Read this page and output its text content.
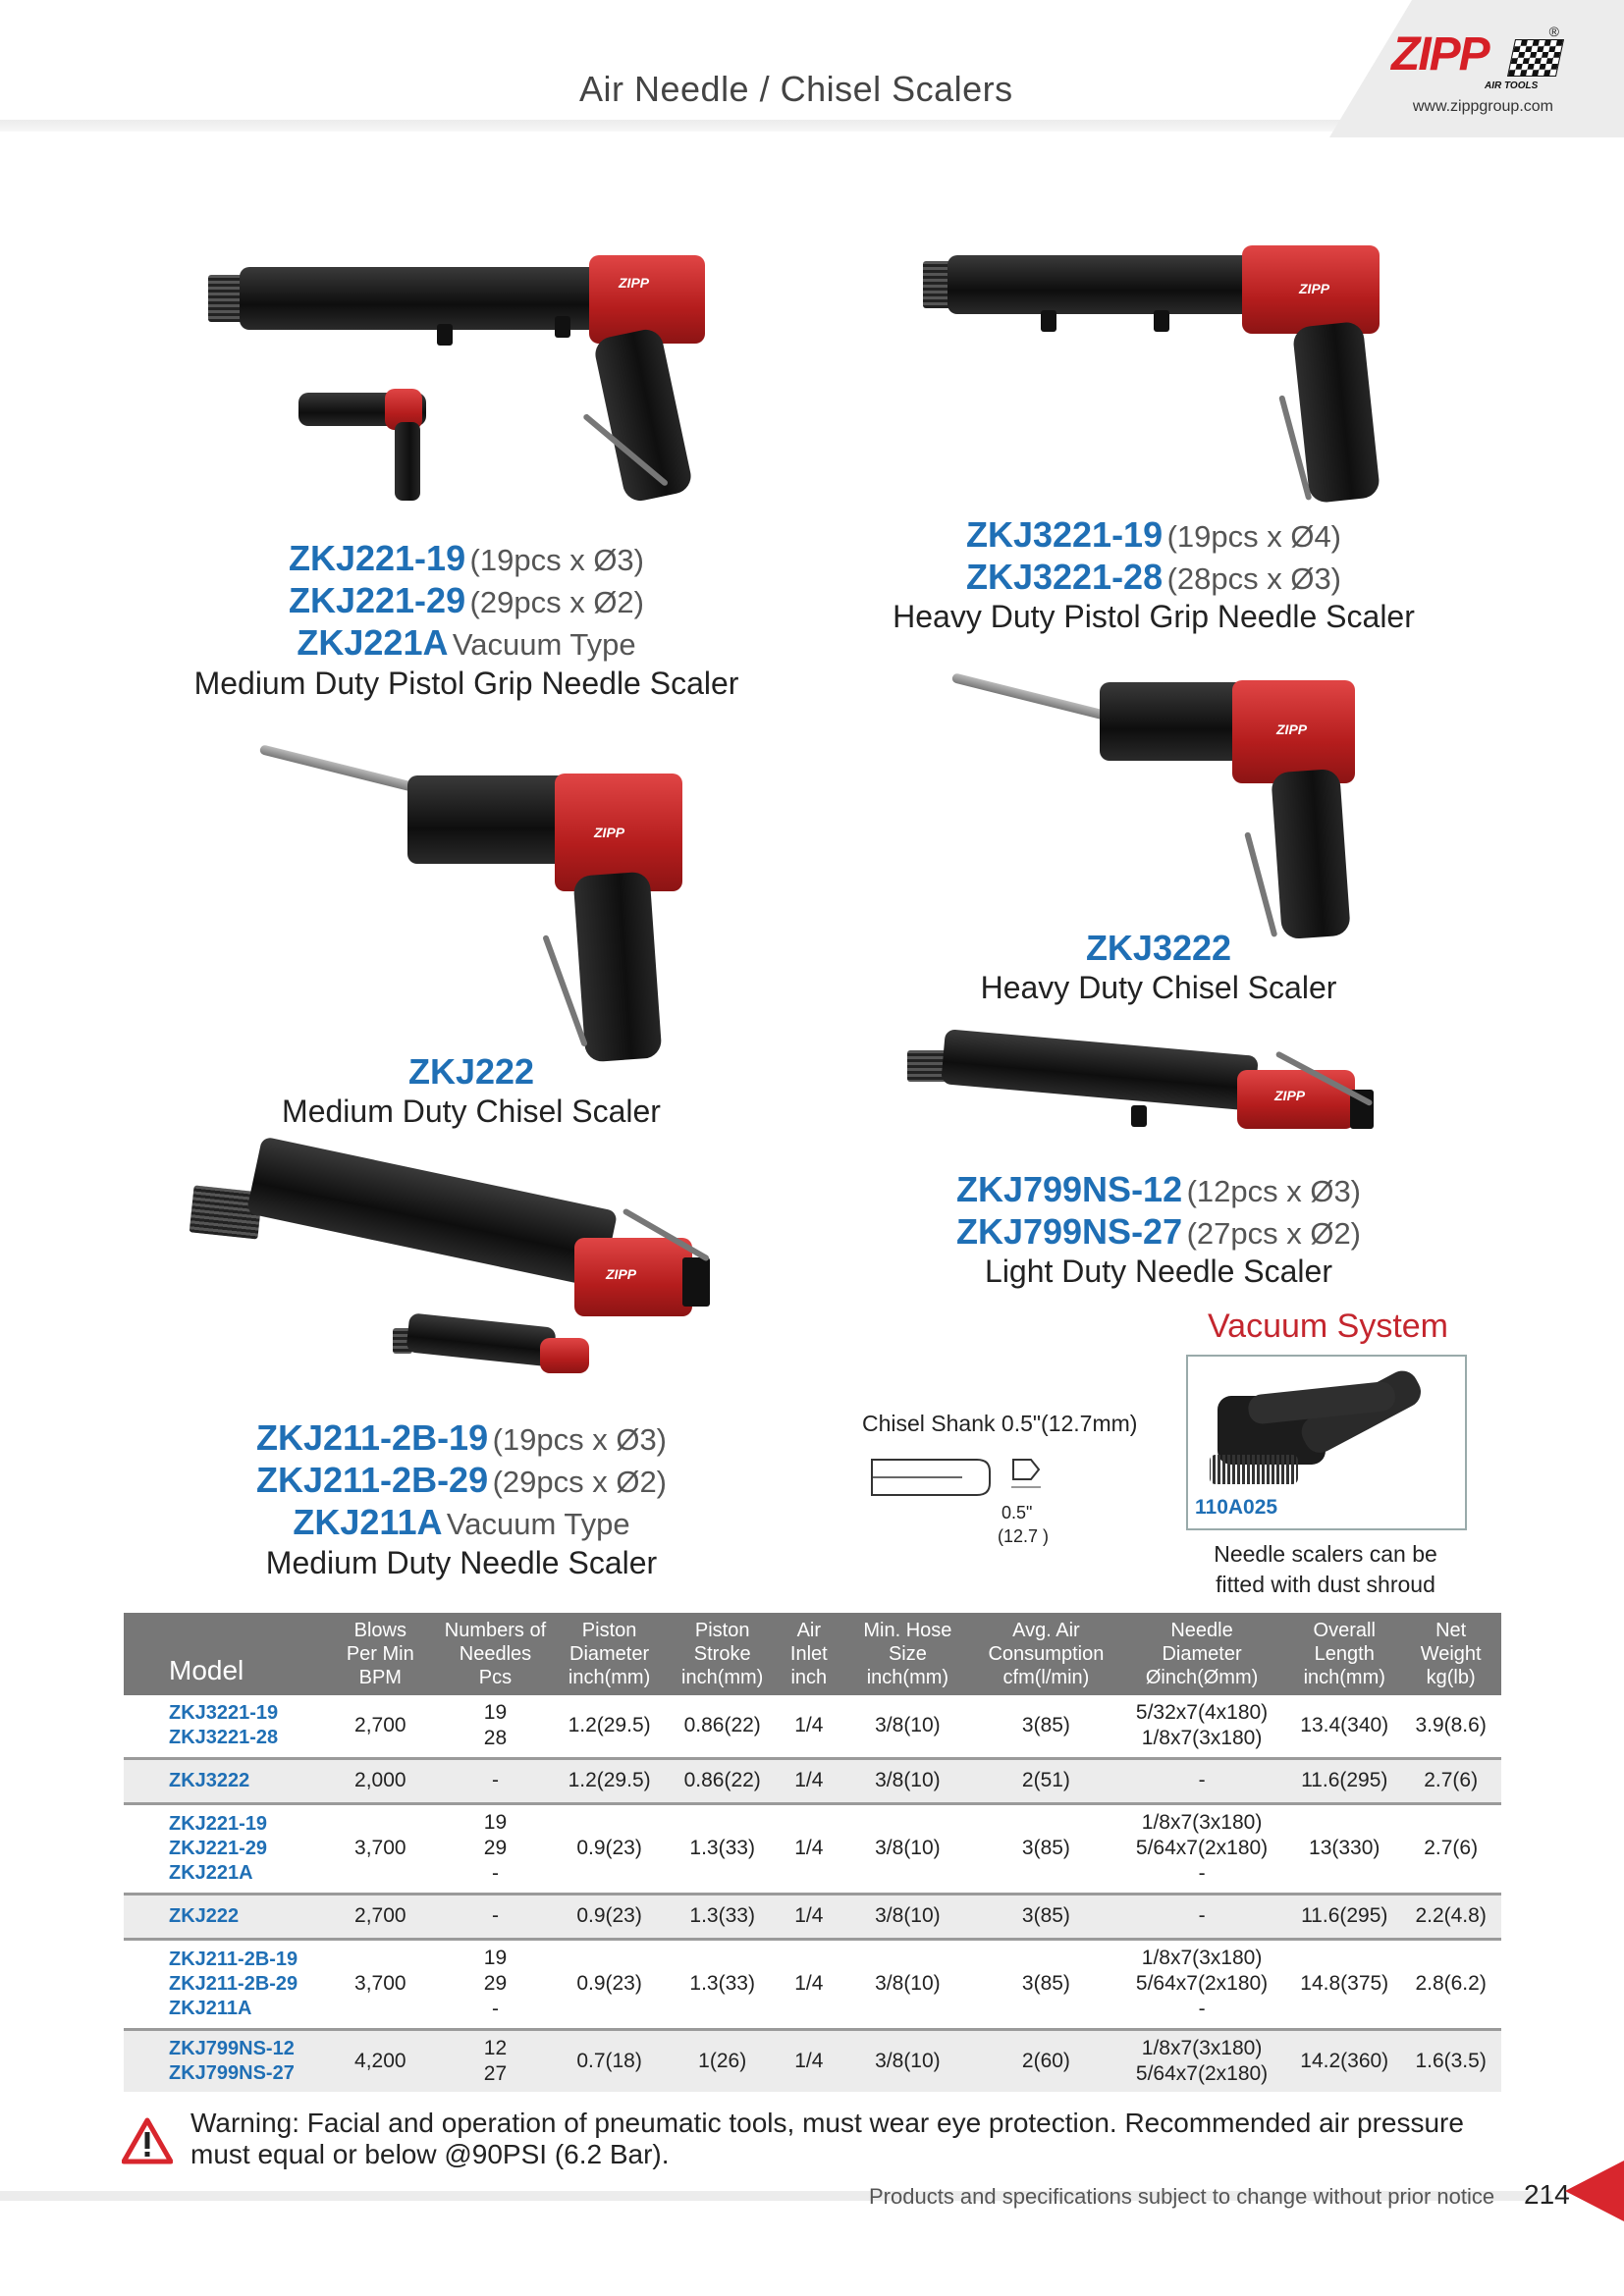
Air Needle / Chisel Scalers
ZIPP
AIR TOOLS
®
www.zippgroup.com
ZIPP	ZIPP
ZKJ221-19 (19pcs x Ø3)
ZKJ221-29 (29pcs x Ø2)
ZKJ221A Vacuum Type
Medium Duty Pistol Grip Needle Scaler
ZKJ3221-19 (19pcs x Ø4)
ZKJ3221-28 (28pcs x Ø3)
Heavy Duty Pistol Grip Needle Scaler
ZIPP
ZIPP
ZKJ3222
Heavy Duty Chisel Scaler
ZIPP
ZKJ222
Medium Duty Chisel Scaler
ZKJ799NS-12 (12pcs x Ø3)
ZKJ799NS-27 (27pcs x Ø2)
Light Duty Needle Scaler
ZIPP
ZKJ211-2B-19 (19pcs x Ø3)
ZKJ211-2B-29 (29pcs x Ø2)
ZKJ211A Vacuum Type
Medium Duty Needle Scaler
Chisel Shank 0.5"(12.7mm)
0.5"
(12.7 )
Vacuum System
110A025
Needle scalers can be fitted with dust shroud
Model	Blows
Per Min
BPM	Numbers of
Needles
Pcs	Piston
Diameter
inch(mm)	Piston
Stroke
inch(mm)	Air
Inlet
inch	Min. Hose
Size
inch(mm)	Avg. Air
Consumption
cfm(l/min)	Needle
Diameter
Øinch(Ømm)	Overall
Length
inch(mm)	Net
Weight
kg(lb)

ZKJ3221-19
ZKJ3221-28	2,700	19
28	1.2(29.5)	0.86(22)	1/4	3/8(10)	3(85)	5/32x7(4x180)
1/8x7(3x180)	13.4(340)	3.9(8.6)

ZKJ3222	2,000	-	1.2(29.5)	0.86(22)	1/4	3/8(10)	2(51)	-	11.6(295)	2.7(6)

ZKJ221-19
ZKJ221-29
ZKJ221A	3,700	19
29
-	0.9(23)	1.3(33)	1/4	3/8(10)	3(85)	1/8x7(3x180)
5/64x7(2x180)
-	13(330)	2.7(6)

ZKJ222	2,700	-	0.9(23)	1.3(33)	1/4	3/8(10)	3(85)	-	11.6(295)	2.2(4.8)

ZKJ211-2B-19
ZKJ211-2B-29
ZKJ211A	3,700	19
29
-	0.9(23)	1.3(33)	1/4	3/8(10)	3(85)	1/8x7(3x180)
5/64x7(2x180)
-	14.8(375)	2.8(6.2)

ZKJ799NS-12
ZKJ799NS-27	4,200	12
27	0.7(18)	1(26)	1/4	3/8(10)	2(60)	1/8x7(3x180)
5/64x7(2x180)	14.2(360)	1.6(3.5)
Warning: Facial and operation of pneumatic tools, must wear eye protection. Recommended air pressure must equal or below @90PSI (6.2 Bar).
Products and specifications subject to change without prior notice 214
